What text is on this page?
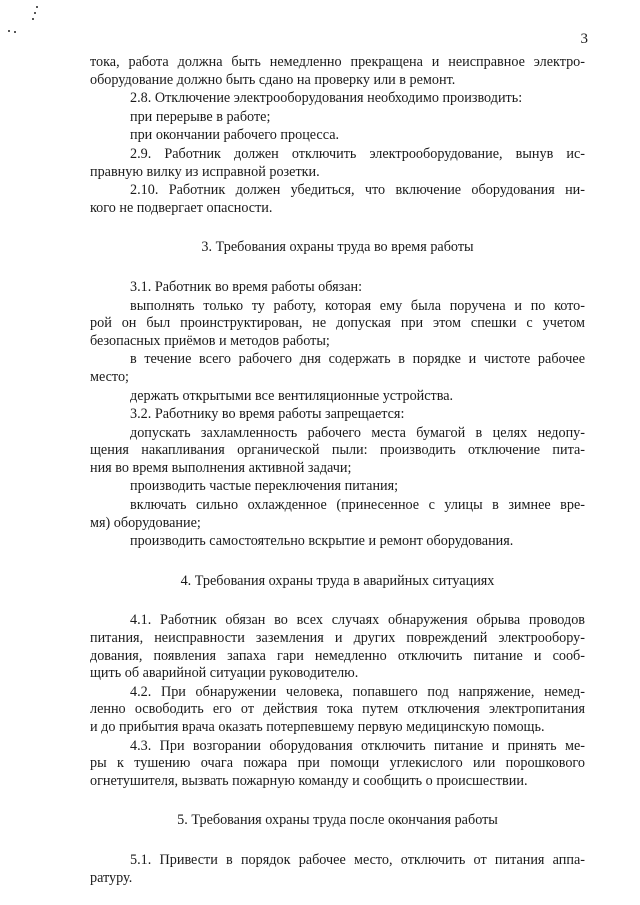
3
тока, работа должна быть немедленно прекращена и неисправное электро-
оборудование должно быть сдано на проверку или в ремонт.
2.8. Отключение электрооборудования необходимо производить:
при перерыве в работе;
при окончании рабочего процесса.
2.9. Работник должен отключить электрооборудование, вынув ис-
правную вилку из исправной розетки.
2.10. Работник должен убедиться, что включение оборудования ни-
кого не подвергает опасности.
3. Требования охраны труда во время работы
3.1. Работник во время работы обязан:
выполнять только ту работу, которая ему была поручена и по кото-
рой он был проинструктирован, не допуская при этом спешки с учетом
безопасных приёмов и методов работы;
в течение всего рабочего дня содержать в порядке и чистоте рабочее
место;
держать открытыми все вентиляционные устройства.
3.2. Работнику во время работы запрещается:
допускать захламленность рабочего места бумагой в целях недопу-
щения накапливания органической пыли: производить отключение пита-
ния во время выполнения активной задачи;
производить частые переключения питания;
включать сильно охлажденное (принесенное с улицы в зимнее вре-
мя) оборудование;
производить самостоятельно вскрытие и ремонт оборудования.
4. Требования охраны труда в аварийных ситуациях
4.1. Работник обязан во всех случаях обнаружения обрыва проводов
питания, неисправности заземления и других повреждений электрообору-
дования, появления запаха гари немедленно отключить питание и сооб-
щить об аварийной ситуации руководителю.
4.2. При обнаружении человека, попавшего под напряжение, немед-
ленно освободить его от действия тока путем отключения электропитания
и до прибытия врача оказать потерпевшему первую медицинскую помощь.
4.3. При возгорании оборудования отключить питание и принять ме-
ры к тушению очага пожара при помощи углекислого или порошкового
огнетушителя, вызвать пожарную команду и сообщить о происшествии.
5. Требования охраны труда после окончания работы
5.1. Привести в порядок рабочее место, отключить от питания аппа-
ратуру.
